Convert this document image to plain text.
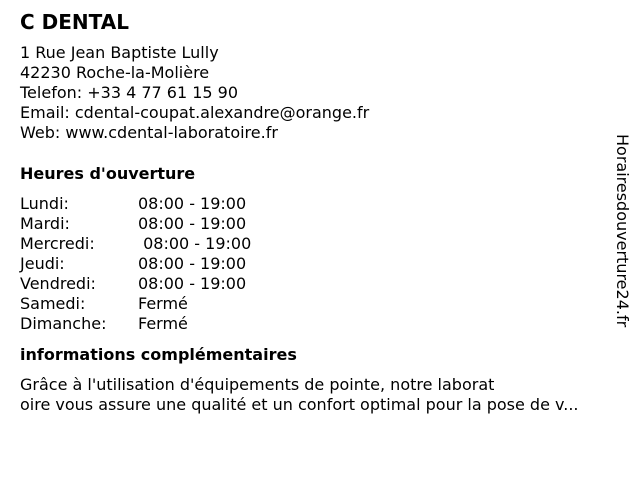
C DENTAL
1 Rue Jean Baptiste Lully
42230 Roche-la-Molière
Telefon: +33 4 77 61 15 90
Email: cdental-coupat.alexandre@orange.fr
Web: www.cdental-laboratoire.fr
Heures d'ouverture
Lundi:	08:00 - 19:00
Mardi:	08:00 - 19:00
Mercredi:	08:00 - 19:00
Jeudi:	08:00 - 19:00
Vendredi:	08:00 - 19:00
Samedi:	Fermé
Dimanche:	Fermé
informations complémentaires
Grâce à l'utilisation d'équipements de pointe, notre laborat
oire vous assure une qualité et un confort optimal pour la pose de v...
Horairesdouverture24.fr
